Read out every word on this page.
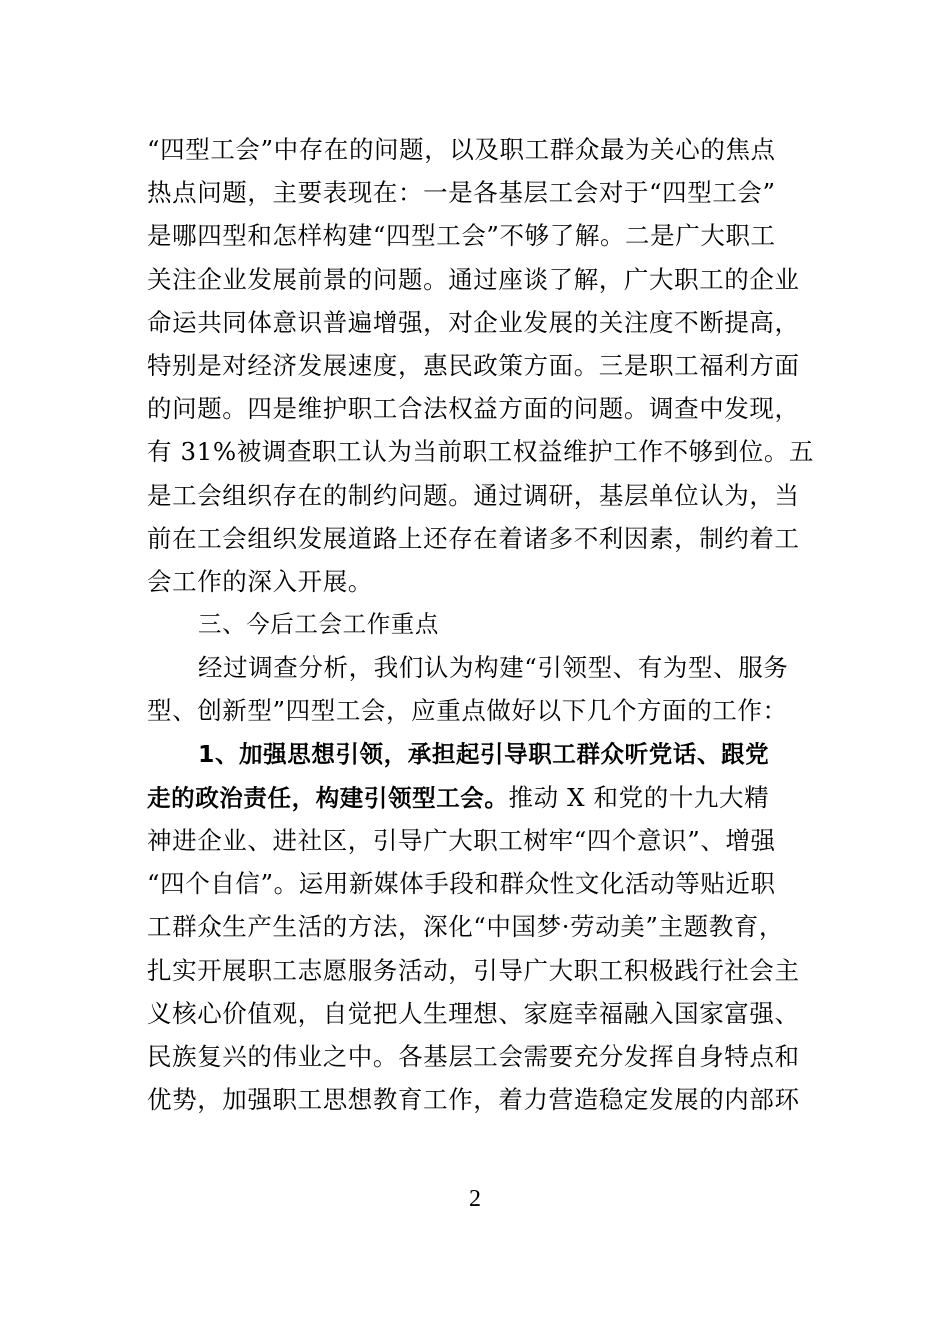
“四型工会”中存在的问题，以及职工群众最为关心的焦点
热点问题，主要表现在：一是各基层工会对于“四型工会”
是哪四型和怎样构建“四型工会”不够了解。二是广大职工
关注企业发展前景的问题。通过座谈了解，广大职工的企业
命运共同体意识普遍增强，对企业发展的关注度不断提高，
特别是对经济发展速度，惠民政策方面。三是职工福利方面
的问题。四是维护职工合法权益方面的问题。调查中发现，
有 31%被调查职工认为当前职工权益维护工作不够到位。五
是工会组织存在的制约问题。通过调研，基层单位认为，当
前在工会组织发展道路上还存在着诸多不利因素，制约着工
会工作的深入开展。
三、今后工会工作重点
经过调查分析，我们认为构建“引领型、有为型、服务
型、创新型”四型工会，应重点做好以下几个方面的工作：
1、加强思想引领，承担起引导职工群众听党话、跟党
走的政治责任，构建引领型工会。推动 X 和党的十九大精
神进企业、进社区，引导广大职工树牢“四个意识”、增强
“四个自信”。运用新媒体手段和群众性文化活动等贴近职
工群众生产生活的方法，深化“中国梦·劳动美”主题教育，
扎实开展职工志愿服务活动，引导广大职工积极践行社会主
义核心价值观，自觉把人生理想、家庭幸福融入国家富强、
民族复兴的伟业之中。各基层工会需要充分发挥自身特点和
优势，加强职工思想教育工作，着力营造稳定发展的内部环
2
